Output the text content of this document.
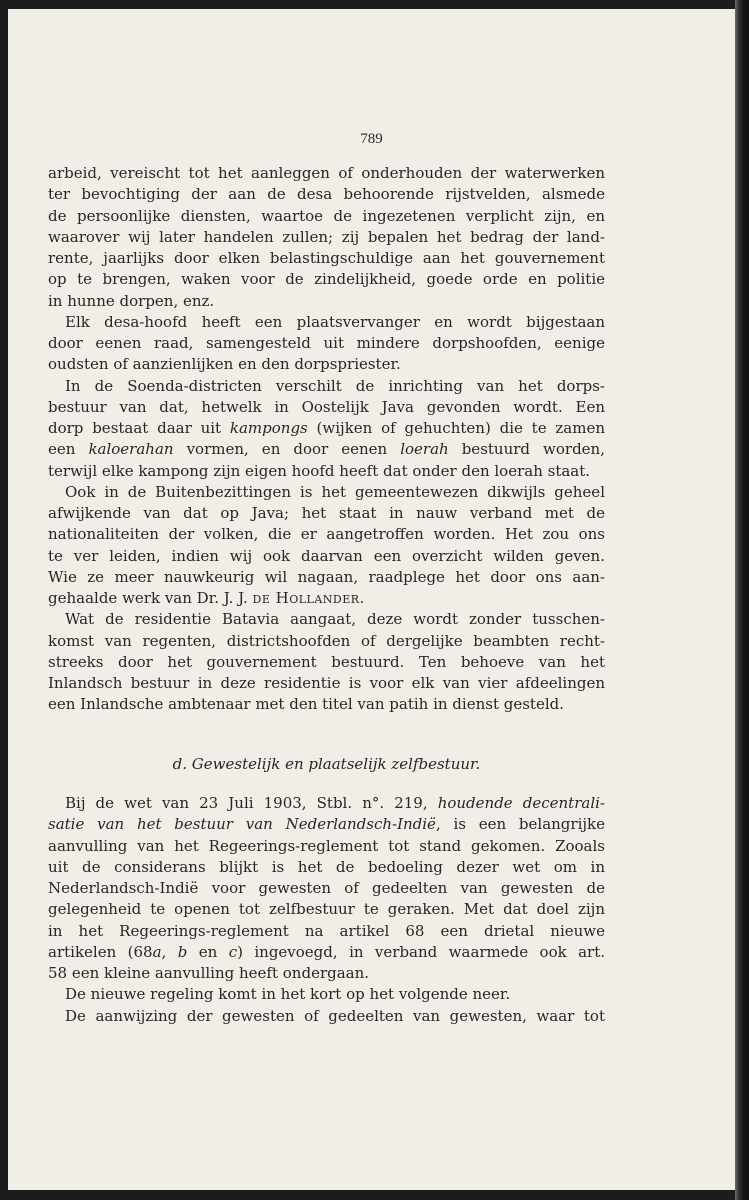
789
arbeid, vereischt tot het aanleggen of onderhouden der waterwerken
ter bevochtiging der aan de desa behoorende rijstvelden, alsmede
de persoonlijke diensten, waartoe de ingezetenen verplicht zijn, en
waarover wij later handelen zullen; zij bepalen het bedrag der land-
rente, jaarlijks door elken belastingschuldige aan het gouvernement
op te brengen, waken voor de zindelijkheid, goede orde en politie
in hunne dorpen, enz.
Elk desa-hoofd heeft een plaatsvervanger en wordt bijgestaan
door eenen raad, samengesteld uit mindere dorpshoofden, eenige
oudsten of aanzienlijken en den dorpspriester.
In de Soenda-districten verschilt de inrichting van het dorps-
bestuur van dat, hetwelk in Oostelijk Java gevonden wordt. Een
dorp bestaat daar uit kampongs (wijken of gehuchten) die te zamen
een kaloerahan vormen, en door eenen loerah bestuurd worden,
terwijl elke kampong zijn eigen hoofd heeft dat onder den loerah staat.
Ook in de Buitenbezittingen is het gemeentewezen dikwijls geheel
afwijkende van dat op Java; het staat in nauw verband met de
nationaliteiten der volken, die er aangetroffen worden. Het zou ons
te ver leiden, indien wij ook daarvan een overzicht wilden geven.
Wie ze meer nauwkeurig wil nagaan, raadplege het door ons aan-
gehaalde werk van Dr. J. J. de Hollander.
Wat de residentie Batavia aangaat, deze wordt zonder tusschen-
komst van regenten, districtshoofden of dergelijke beambten recht-
streeks door het gouvernement bestuurd. Ten behoeve van het
Inlandsch bestuur in deze residentie is voor elk van vier afdeelingen
een Inlandsche ambtenaar met den titel van patih in dienst gesteld.
d. Gewestelijk en plaatselijk zelfbestuur.
Bij de wet van 23 Juli 1903, Stbl. n°. 219, houdende decentrali-
satie van het bestuur van Nederlandsch-Indië, is een belangrijke
aanvulling van het Regeerings-reglement tot stand gekomen. Zooals
uit de considerans blijkt is het de bedoeling dezer wet om in
Nederlandsch-Indië voor gewesten of gedeelten van gewesten de
gelegenheid te openen tot zelfbestuur te geraken. Met dat doel zijn
in het Regeerings-reglement na artikel 68 een drietal nieuwe
artikelen (68a, b en c) ingevoegd, in verband waarmede ook art.
58 een kleine aanvulling heeft ondergaan.
De nieuwe regeling komt in het kort op het volgende neer.
De aanwijzing der gewesten of gedeelten van gewesten, waar tot
